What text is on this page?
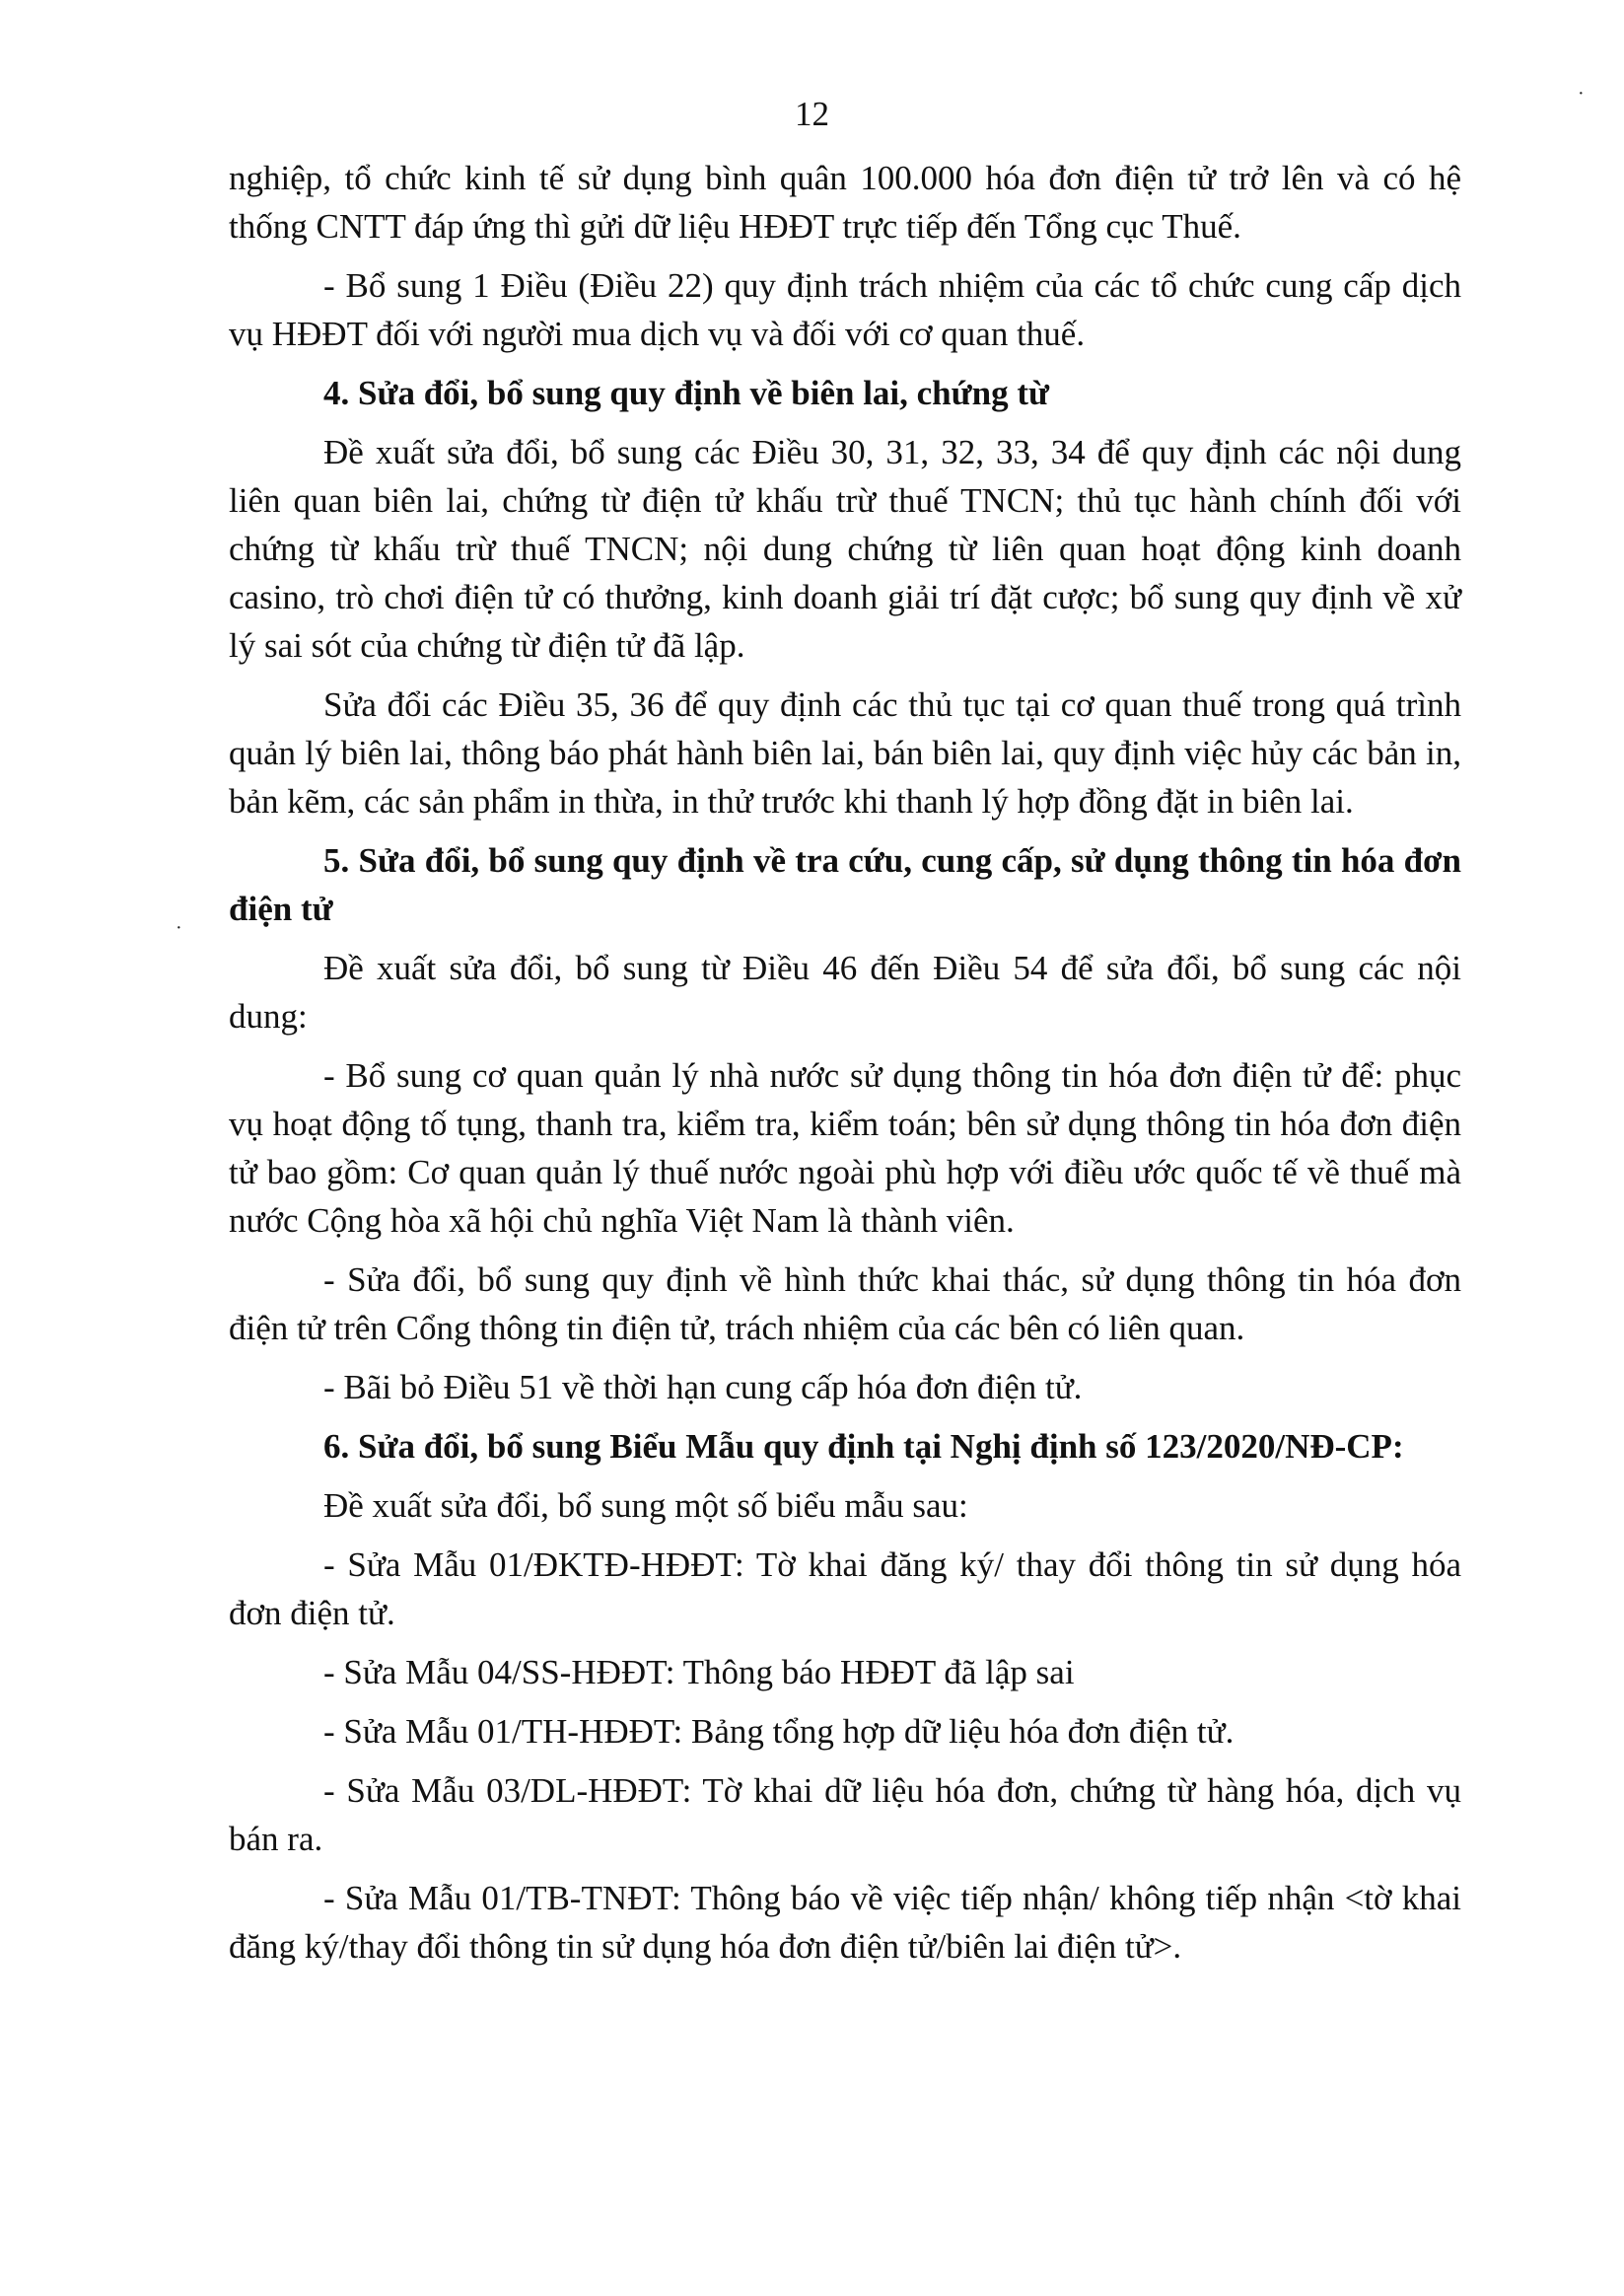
12

nghiệp, tổ chức kinh tế sử dụng bình quân 100.000 hóa đơn điện tử trở lên và có hệ thống CNTT đáp ứng thì gửi dữ liệu HĐĐT trực tiếp đến Tổng cục Thuế.

- Bổ sung 1 Điều (Điều 22) quy định trách nhiệm của các tổ chức cung cấp dịch vụ HĐĐT đối với người mua dịch vụ và đối với cơ quan thuế.

4. Sửa đổi, bổ sung quy định về biên lai, chứng từ

Đề xuất sửa đổi, bổ sung các Điều 30, 31, 32, 33, 34 để quy định các nội dung liên quan biên lai, chứng từ điện tử khấu trừ thuế TNCN; thủ tục hành chính đối với chứng từ khấu trừ thuế TNCN; nội dung chứng từ liên quan hoạt động kinh doanh casino, trò chơi điện tử có thưởng, kinh doanh giải trí đặt cược; bổ sung quy định về xử lý sai sót của chứng từ điện tử đã lập.

Sửa đổi các Điều 35, 36 để quy định các thủ tục tại cơ quan thuế trong quá trình quản lý biên lai, thông báo phát hành biên lai, bán biên lai, quy định việc hủy các bản in, bản kẽm, các sản phẩm in thừa, in thử trước khi thanh lý hợp đồng đặt in biên lai.

5. Sửa đổi, bổ sung quy định về tra cứu, cung cấp, sử dụng thông tin hóa đơn điện tử

Đề xuất sửa đổi, bổ sung từ Điều 46 đến Điều 54 để sửa đổi, bổ sung các nội dung:

- Bổ sung cơ quan quản lý nhà nước sử dụng thông tin hóa đơn điện tử để: phục vụ hoạt động tố tụng, thanh tra, kiểm tra, kiểm toán; bên sử dụng thông tin hóa đơn điện tử bao gồm: Cơ quan quản lý thuế nước ngoài phù hợp với điều ước quốc tế về thuế mà nước Cộng hòa xã hội chủ nghĩa Việt Nam là thành viên.

- Sửa đổi, bổ sung quy định về hình thức khai thác, sử dụng thông tin hóa đơn điện tử trên Cổng thông tin điện tử, trách nhiệm của các bên có liên quan.

- Bãi bỏ Điều 51 về thời hạn cung cấp hóa đơn điện tử.

6. Sửa đổi, bổ sung Biểu Mẫu quy định tại Nghị định số 123/2020/NĐ-CP:

Đề xuất sửa đổi, bổ sung một số biểu mẫu sau:

- Sửa Mẫu 01/ĐKTĐ-HĐĐT: Tờ khai đăng ký/ thay đổi thông tin sử dụng hóa đơn điện tử.

- Sửa Mẫu 04/SS-HĐĐT: Thông báo HĐĐT đã lập sai

- Sửa Mẫu 01/TH-HĐĐT: Bảng tổng hợp dữ liệu hóa đơn điện tử.

- Sửa Mẫu 03/DL-HĐĐT: Tờ khai dữ liệu hóa đơn, chứng từ hàng hóa, dịch vụ bán ra.

- Sửa Mẫu 01/TB-TNĐT: Thông báo về việc tiếp nhận/ không tiếp nhận <tờ khai đăng ký/thay đổi thông tin sử dụng hóa đơn điện tử/biên lai điện tử>.

·
·
